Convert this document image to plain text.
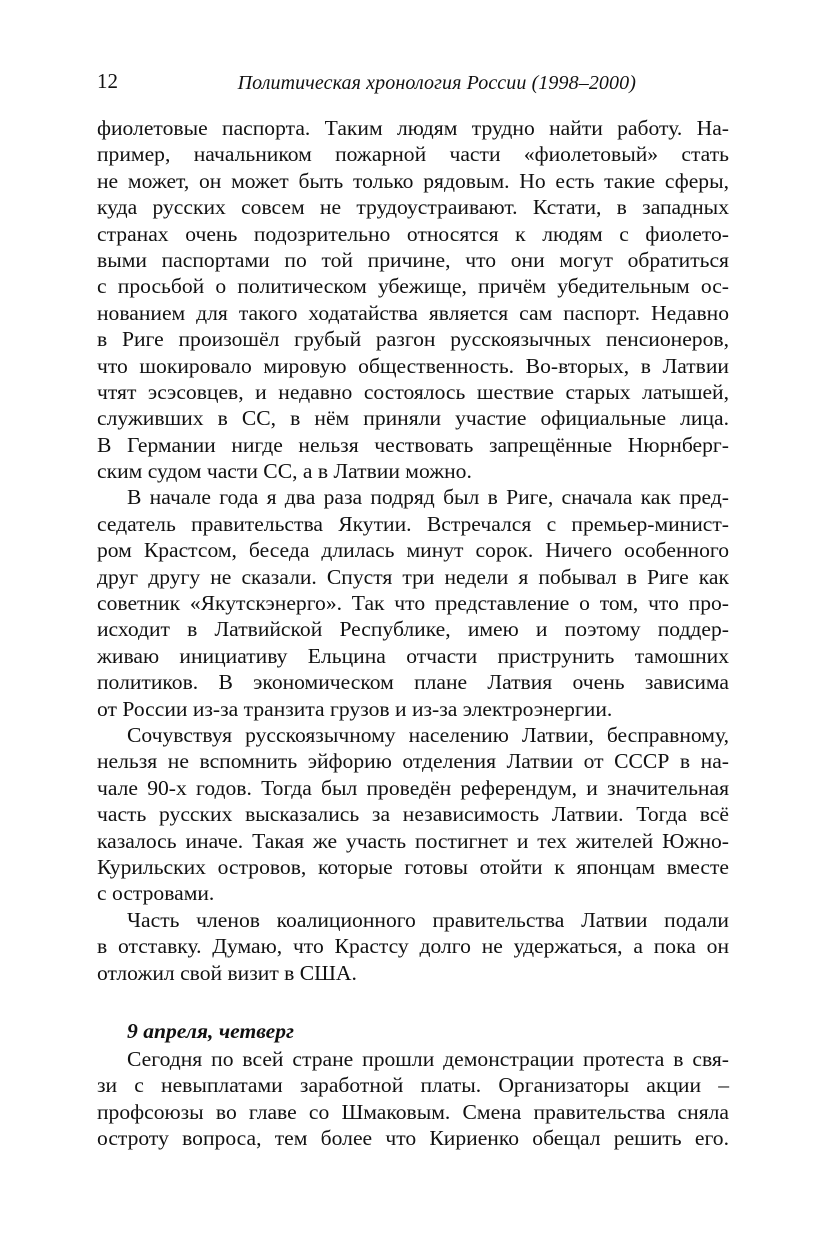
12	Политическая хронология России (1998–2000)
фиолетовые паспорта. Таким людям трудно найти работу. На-
пример, начальником пожарной части «фиолетовый» стать
не может, он может быть только рядовым. Но есть такие сферы,
куда русских совсем не трудоустраивают. Кстати, в западных
странах очень подозрительно относятся к людям с фиолето-
выми паспортами по той причине, что они могут обратиться
с просьбой о политическом убежище, причём убедительным ос-
нованием для такого ходатайства является сам паспорт. Недавно
в Риге произошёл грубый разгон русскоязычных пенсионеров,
что шокировало мировую общественность. Во-вторых, в Латвии
чтят эсэсовцев, и недавно состоялось шествие старых латышей,
служивших в СС, в нём приняли участие официальные лица.
В Германии нигде нельзя чествовать запрещённые Нюрнберг-
ским судом части СС, а в Латвии можно.
В начале года я два раза подряд был в Риге, сначала как пред-
седатель правительства Якутии. Встречался с премьер-минист-
ром Крастсом, беседа длилась минут сорок. Ничего особенного
друг другу не сказали. Спустя три недели я побывал в Риге как
советник «Якутскэнерго». Так что представление о том, что про-
исходит в Латвийской Республике, имею и поэтому поддер-
живаю инициативу Ельцина отчасти приструнить тамошних
политиков. В экономическом плане Латвия очень зависима
от России из-за транзита грузов и из-за электроэнергии.
Сочувствуя русскоязычному населению Латвии, бесправному,
нельзя не вспомнить эйфорию отделения Латвии от СССР в на-
чале 90-х годов. Тогда был проведён референдум, и значительная
часть русских высказались за независимость Латвии. Тогда всё
казалось иначе. Такая же участь постигнет и тех жителей Южно-
Курильских островов, которые готовы отойти к японцам вместе
с островами.
Часть членов коалиционного правительства Латвии подали
в отставку. Думаю, что Крастсу долго не удержаться, а пока он
отложил свой визит в США.
9 апреля, четверг
Сегодня по всей стране прошли демонстрации протеста в свя-
зи с невыплатами заработной платы. Организаторы акции –
профсоюзы во главе со Шмаковым. Смена правительства сняла
остроту вопроса, тем более что Кириенко обещал решить его.
